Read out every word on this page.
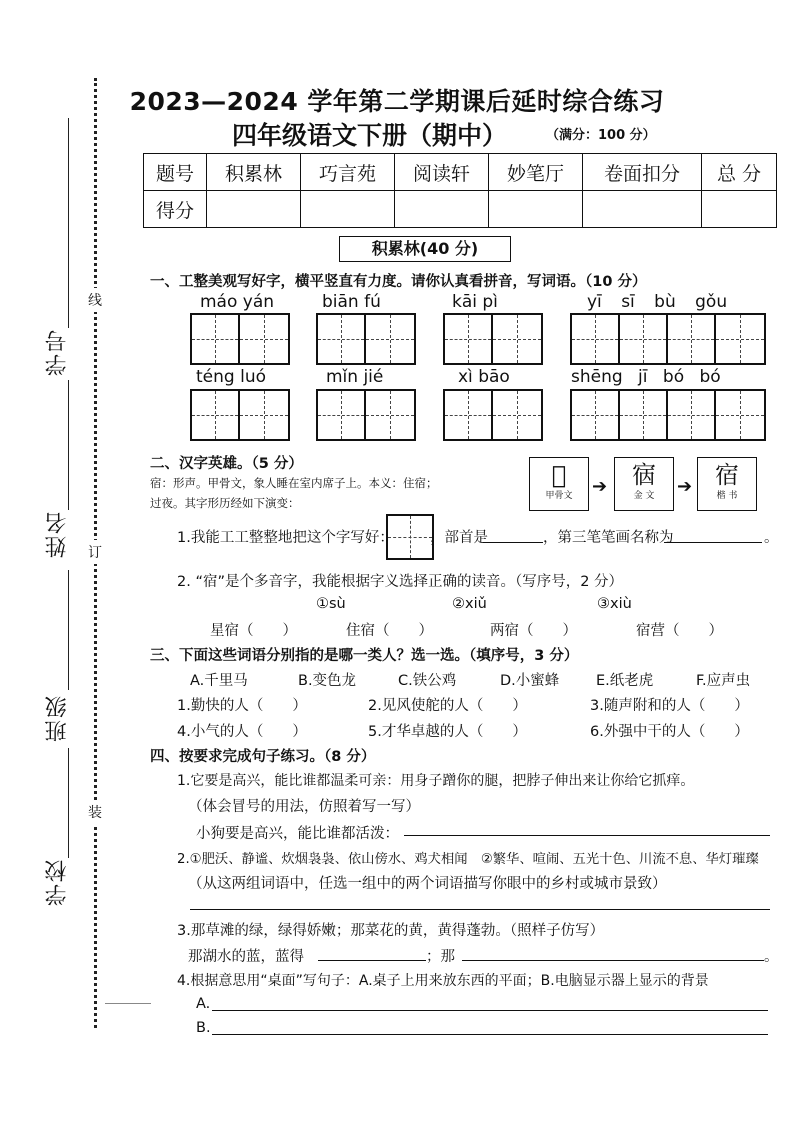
线
订
装
学号
姓名
班级
学校
2023—2024 学年第二学期课后延时综合练习
四年级语文下册（期中）	（满分：100 分）
题号	积累林	巧言苑	阅读轩	妙笔厅	卷面扣分	总 分
得分						
积累林(40 分)
一、工整美观写好字，横平竖直有力度。请你认真看拼音，写词语。（10 分）
máo yán	biān fú	kāi pì	yī sī bù gǒu
téng luó	mǐn jié	xì bāo	shēng jī bó bó
二、汉字英雄。（5 分）
宿：形声。甲骨文，象人睡在室内席子上。本义：住宿；
过夜。其字形历经如下演变：
𠈘
甲骨文	➔	㝛
金 文	➔ 宿
楷 书
1.我能工工整整地把这个字写好： ，部首是	，第三笔笔画名称为	。
2. “宿”是个多音字，我能根据字义选择正确的读音。（写序号，2 分）
①sù	②xiǔ	③xiù
星宿（　　）	住宿（　　）	两宿（　　）	宿营（　　）
三、下面这些词语分别指的是哪一类人？选一选。（填序号，3 分）
A.千里马	B.变色龙	C.铁公鸡	D.小蜜蜂	E.纸老虎	F.应声虫
1.勤快的人（　　）	2.见风使舵的人（　　）	3.随声附和的人（　　）
4.小气的人（　　）	5.才华卓越的人（　　）	6.外强中干的人（　　）
四、按要求完成句子练习。（8 分）
1.它要是高兴，能比谁都温柔可亲：用身子蹭你的腿，把脖子伸出来让你给它抓痒。
（体会冒号的用法，仿照着写一写）
小狗要是高兴，能比谁都活泼：
2.①肥沃、静谧、炊烟袅袅、依山傍水、鸡犬相闻　②繁华、喧闹、五光十色、川流不息、华灯璀璨
（从这两组词语中，任选一组中的两个词语描写你眼中的乡村或城市景致）
3.那草滩的绿，绿得娇嫩；那菜花的黄，黄得蓬勃。（照样子仿写）
那湖水的蓝，蓝得	；那	。
4.根据意思用“桌面”写句子：A.桌子上用来放东西的平面；B.电脑显示器上显示的背景
A.
B.
